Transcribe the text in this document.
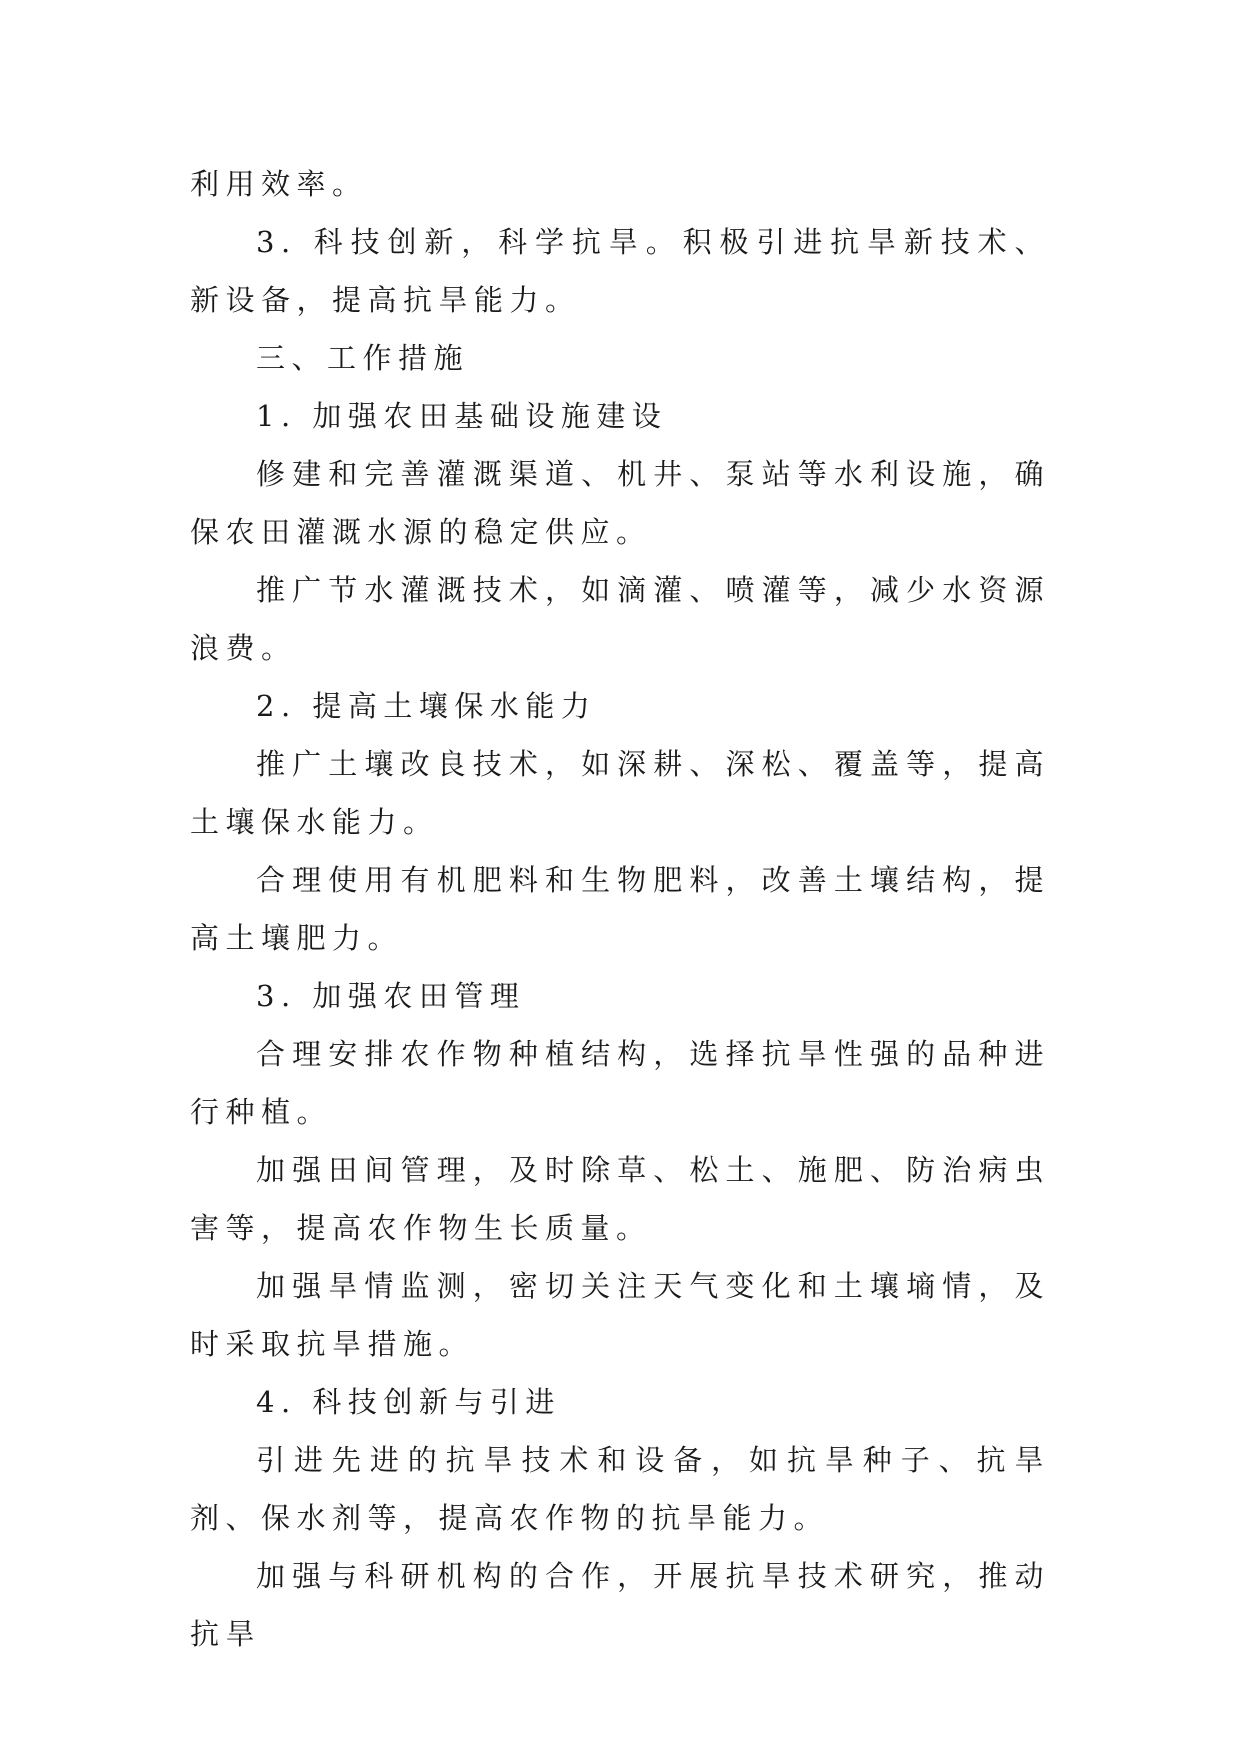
利用效率。

3. 科技创新，科学抗旱。积极引进抗旱新技术、新设备，提高抗旱能力。

三、工作措施

1. 加强农田基础设施建设

修建和完善灌溉渠道、机井、泵站等水利设施，确保农田灌溉水源的稳定供应。

推广节水灌溉技术，如滴灌、喷灌等，减少水资源浪费。

2. 提高土壤保水能力

推广土壤改良技术，如深耕、深松、覆盖等，提高土壤保水能力。

合理使用有机肥料和生物肥料，改善土壤结构，提高土壤肥力。

3. 加强农田管理

合理安排农作物种植结构，选择抗旱性强的品种进行种植。

加强田间管理，及时除草、松土、施肥、防治病虫害等，提高农作物生长质量。

加强旱情监测，密切关注天气变化和土壤墒情，及时采取抗旱措施。

4. 科技创新与引进

引进先进的抗旱技术和设备，如抗旱种子、抗旱剂、保水剂等，提高农作物的抗旱能力。

加强与科研机构的合作，开展抗旱技术研究，推动抗旱
